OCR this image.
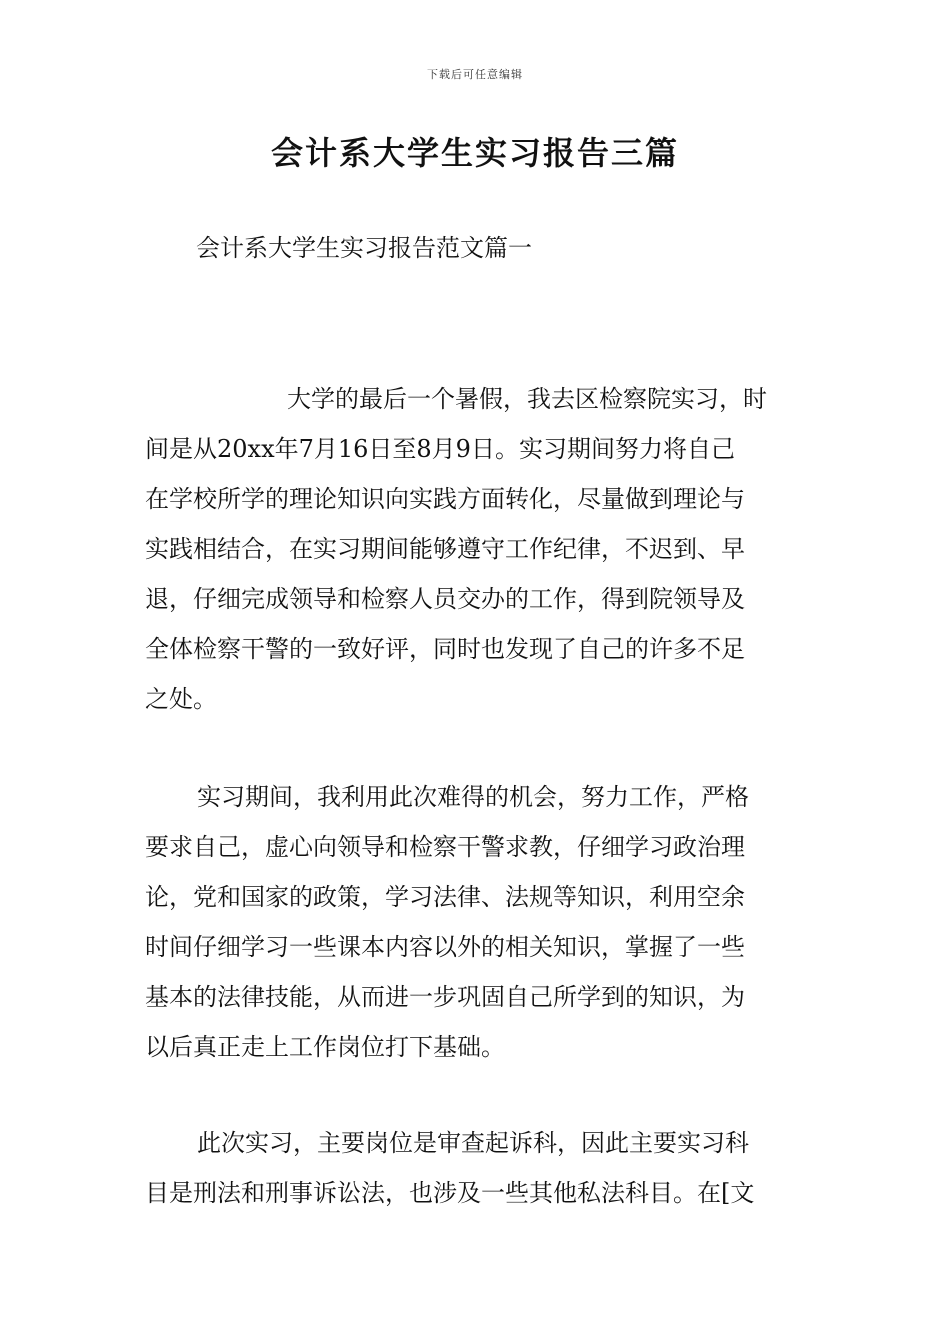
下载后可任意编辑
会计系大学生实习报告三篇

会计系大学生实习报告范文篇一

大学的最后一个暑假，我去区检察院实习，时
间是从20xx年7月16日至8月9日。实习期间努力将自己
在学校所学的理论知识向实践方面转化，尽量做到理论与
实践相结合，在实习期间能够遵守工作纪律，不迟到、早
退，仔细完成领导和检察人员交办的工作，得到院领导及
全体检察干警的一致好评，同时也发现了自己的许多不足
之处。

实习期间，我利用此次难得的机会，努力工作，严格
要求自己，虚心向领导和检察干警求教，仔细学习政治理
论，党和国家的政策，学习法律、法规等知识，利用空余
时间仔细学习一些课本内容以外的相关知识，掌握了一些
基本的法律技能，从而进一步巩固自己所学到的知识，为
以后真正走上工作岗位打下基础。

此次实习，主要岗位是审查起诉科，因此主要实习科
目是刑法和刑事诉讼法，也涉及一些其他私法科目。在[文
